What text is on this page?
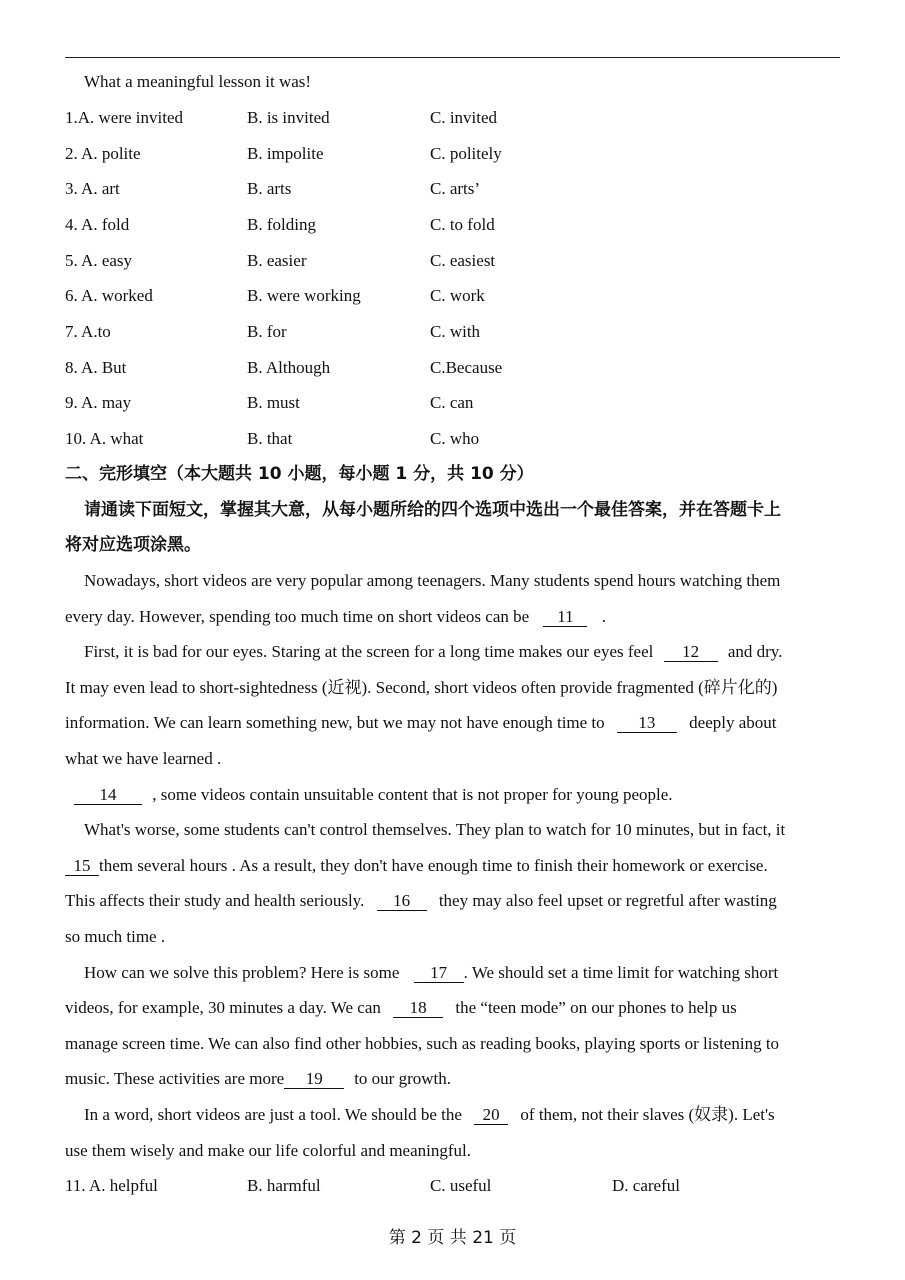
What a meaningful lesson it was!
1.A. were invited	B. is invited	C. invited
2. A. polite	B. impolite	C. politely
3. A. art	B. arts	C. arts’
4. A. fold	B. folding	C. to fold
5. A. easy	B. easier	C. easiest
6. A. worked	B. were working	C. work
7. A.to	B. for	C. with
8. A. But	B. Although	C.Because
9. A. may	B. must	C. can
10. A. what	B. that	C. who
二、完形填空（本大题共 10 小题，每小题 1 分，共 10 分）
请通读下面短文，掌握其大意，从每小题所给的四个选项中选出一个最佳答案，并在答题卡上
将对应选项涂黑。
Nowadays, short videos are very popular among teenagers. Many students spend hours watching them
every day. However, spending too much time on short videos can be 11 .
First, it is bad for our eyes. Staring at the screen for a long time makes our eyes feel 12 and dry.
It may even lead to short-sightedness (近视). Second, short videos often provide fragmented (碎片化的)
information. We can learn something new, but we may not have enough time to 13 deeply about
what we have learned .
14 , some videos contain unsuitable content that is not proper for young people.
What's worse, some students can't control themselves. They plan to watch for 10 minutes, but in fact, it
15 them several hours . As a result, they don't have enough time to finish their homework or exercise.
This affects their study and health seriously. 16 they may also feel upset or regretful after wasting
so much time .
How can we solve this problem? Here is some 17 . We should set a time limit for watching short
videos, for example, 30 minutes a day. We can 18 the “teen mode” on our phones to help us
manage screen time. We can also find other hobbies, such as reading books, playing sports or listening to
music. These activities are more 19 to our growth.
In a word, short videos are just a tool. We should be the 20 of them, not their slaves (奴隶). Let's
use them wisely and make our life colorful and meaningful.
11. A. helpful	B. harmful	C. useful	D. careful
第 2 页 共 21 页
